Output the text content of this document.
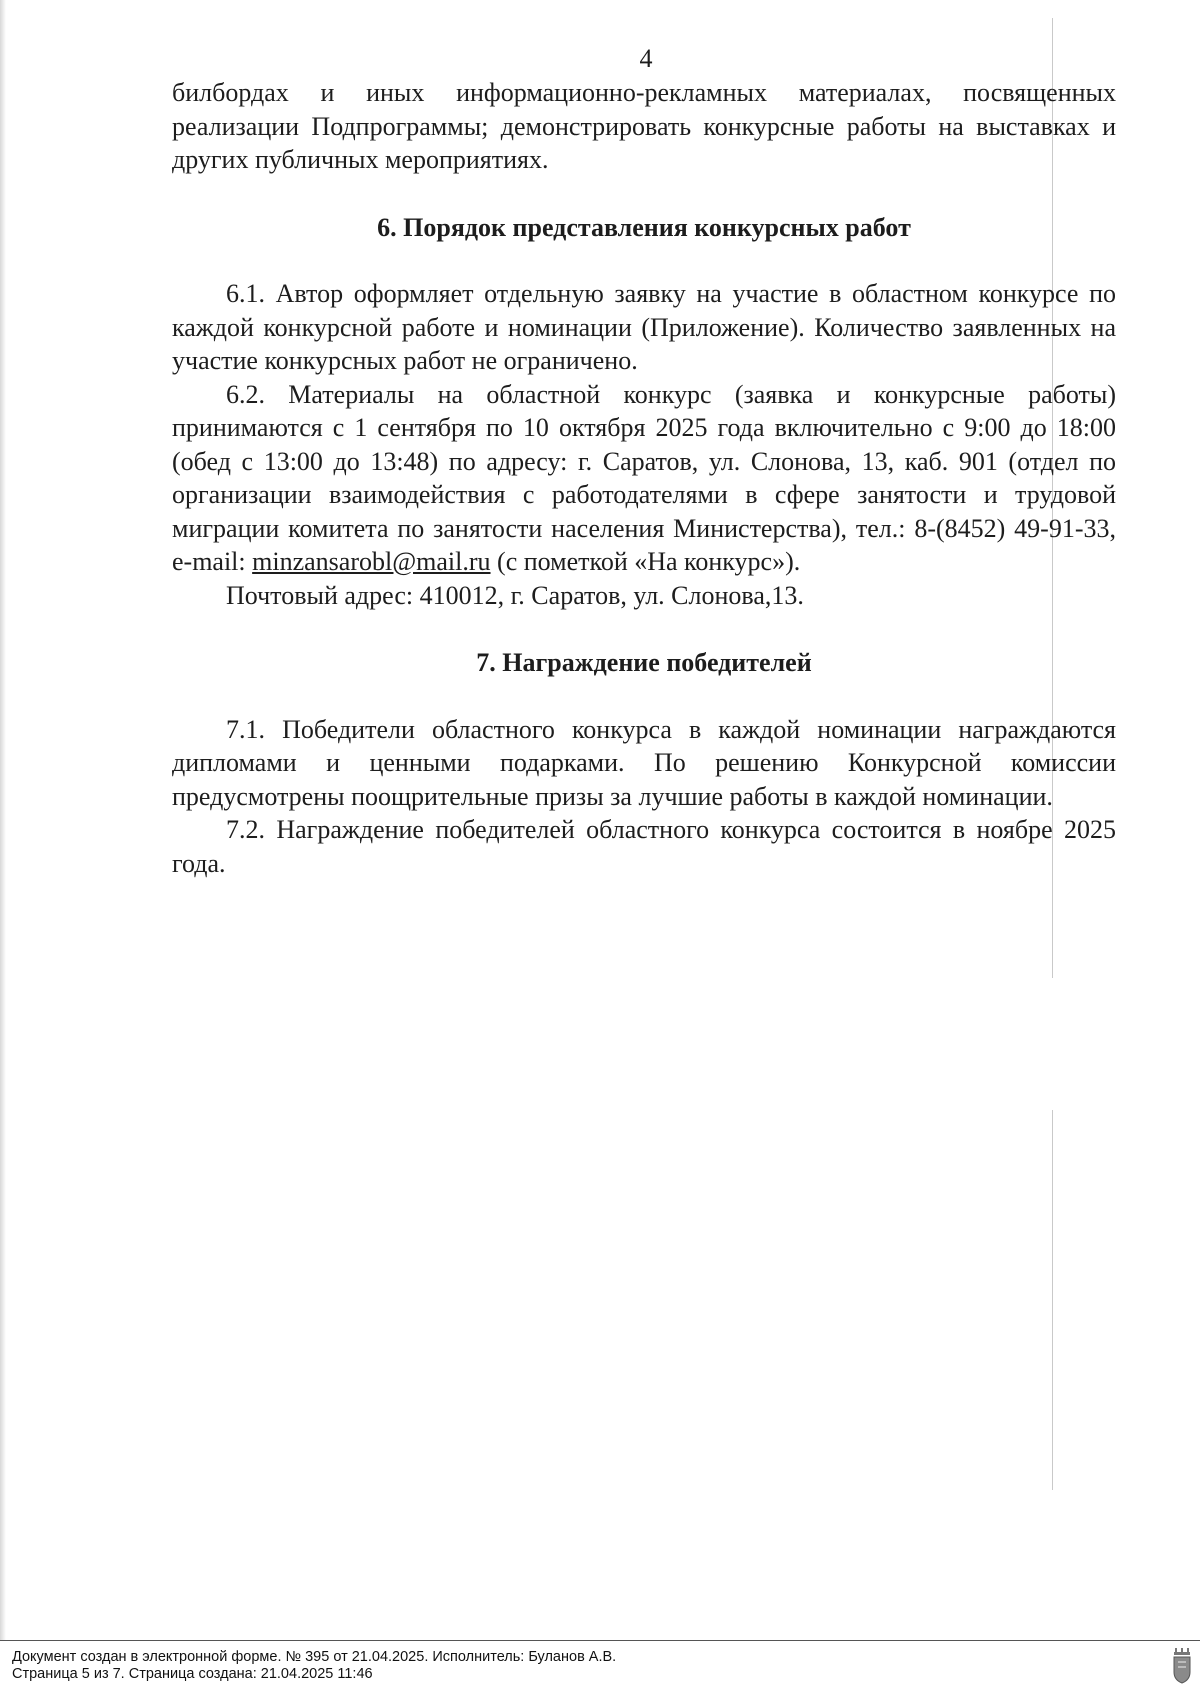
4

билбордах и иных информационно-рекламных материалах, посвященных реализации Подпрограммы; демонстрировать конкурсные работы на выставках и других публичных мероприятиях.

6. Порядок представления конкурсных работ

6.1. Автор оформляет отдельную заявку на участие в областном конкурсе по каждой конкурсной работе и номинации (Приложение). Количество заявленных на участие конкурсных работ не ограничено.

6.2. Материалы на областной конкурс (заявка и конкурсные работы) принимаются с 1 сентября по 10 октября 2025 года включительно с 9:00 до 18:00 (обед с 13:00 до 13:48) по адресу: г. Саратов, ул. Слонова, 13, каб. 901 (отдел по организации взаимодействия с работодателями в сфере занятости и трудовой миграции комитета по занятости населения Министерства), тел.: 8-(8452) 49-91-33, e-mail: minzansarobl@mail.ru (с пометкой «На конкурс»).

Почтовый адрес: 410012, г. Саратов, ул. Слонова,13.

7. Награждение победителей

7.1. Победители областного конкурса в каждой номинации награждаются дипломами и ценными подарками. По решению Конкурсной комиссии предусмотрены поощрительные призы за лучшие работы в каждой номинации.

7.2. Награждение победителей областного конкурса состоится в ноябре 2025 года.

Документ создан в электронной форме. № 395 от 21.04.2025. Исполнитель: Буланов А.В.
Страница 5 из 7. Страница создана: 21.04.2025 11:46
